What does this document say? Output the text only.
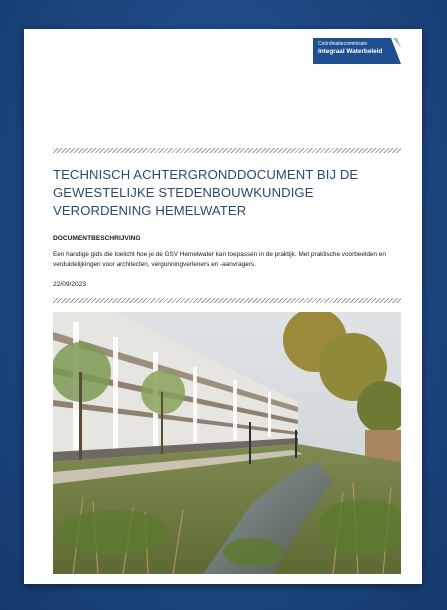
Coördinatiecommissie
Integraal Waterbeleid
TECHNISCH ACHTERGRONDDOCUMENT BIJ DE
GEWESTELIJKE STEDENBOUWKUNDIGE
VERORDENING HEMELWATER
DOCUMENTBESCHRIJVING
Een handige gids die toelicht hoe je de GSV Hemelwater kan toepassen in de praktijk. Met praktische voorbeelden en verduidelijkingen voor architecten, vergunningverleners en -aanvragers.
22/09/2023
